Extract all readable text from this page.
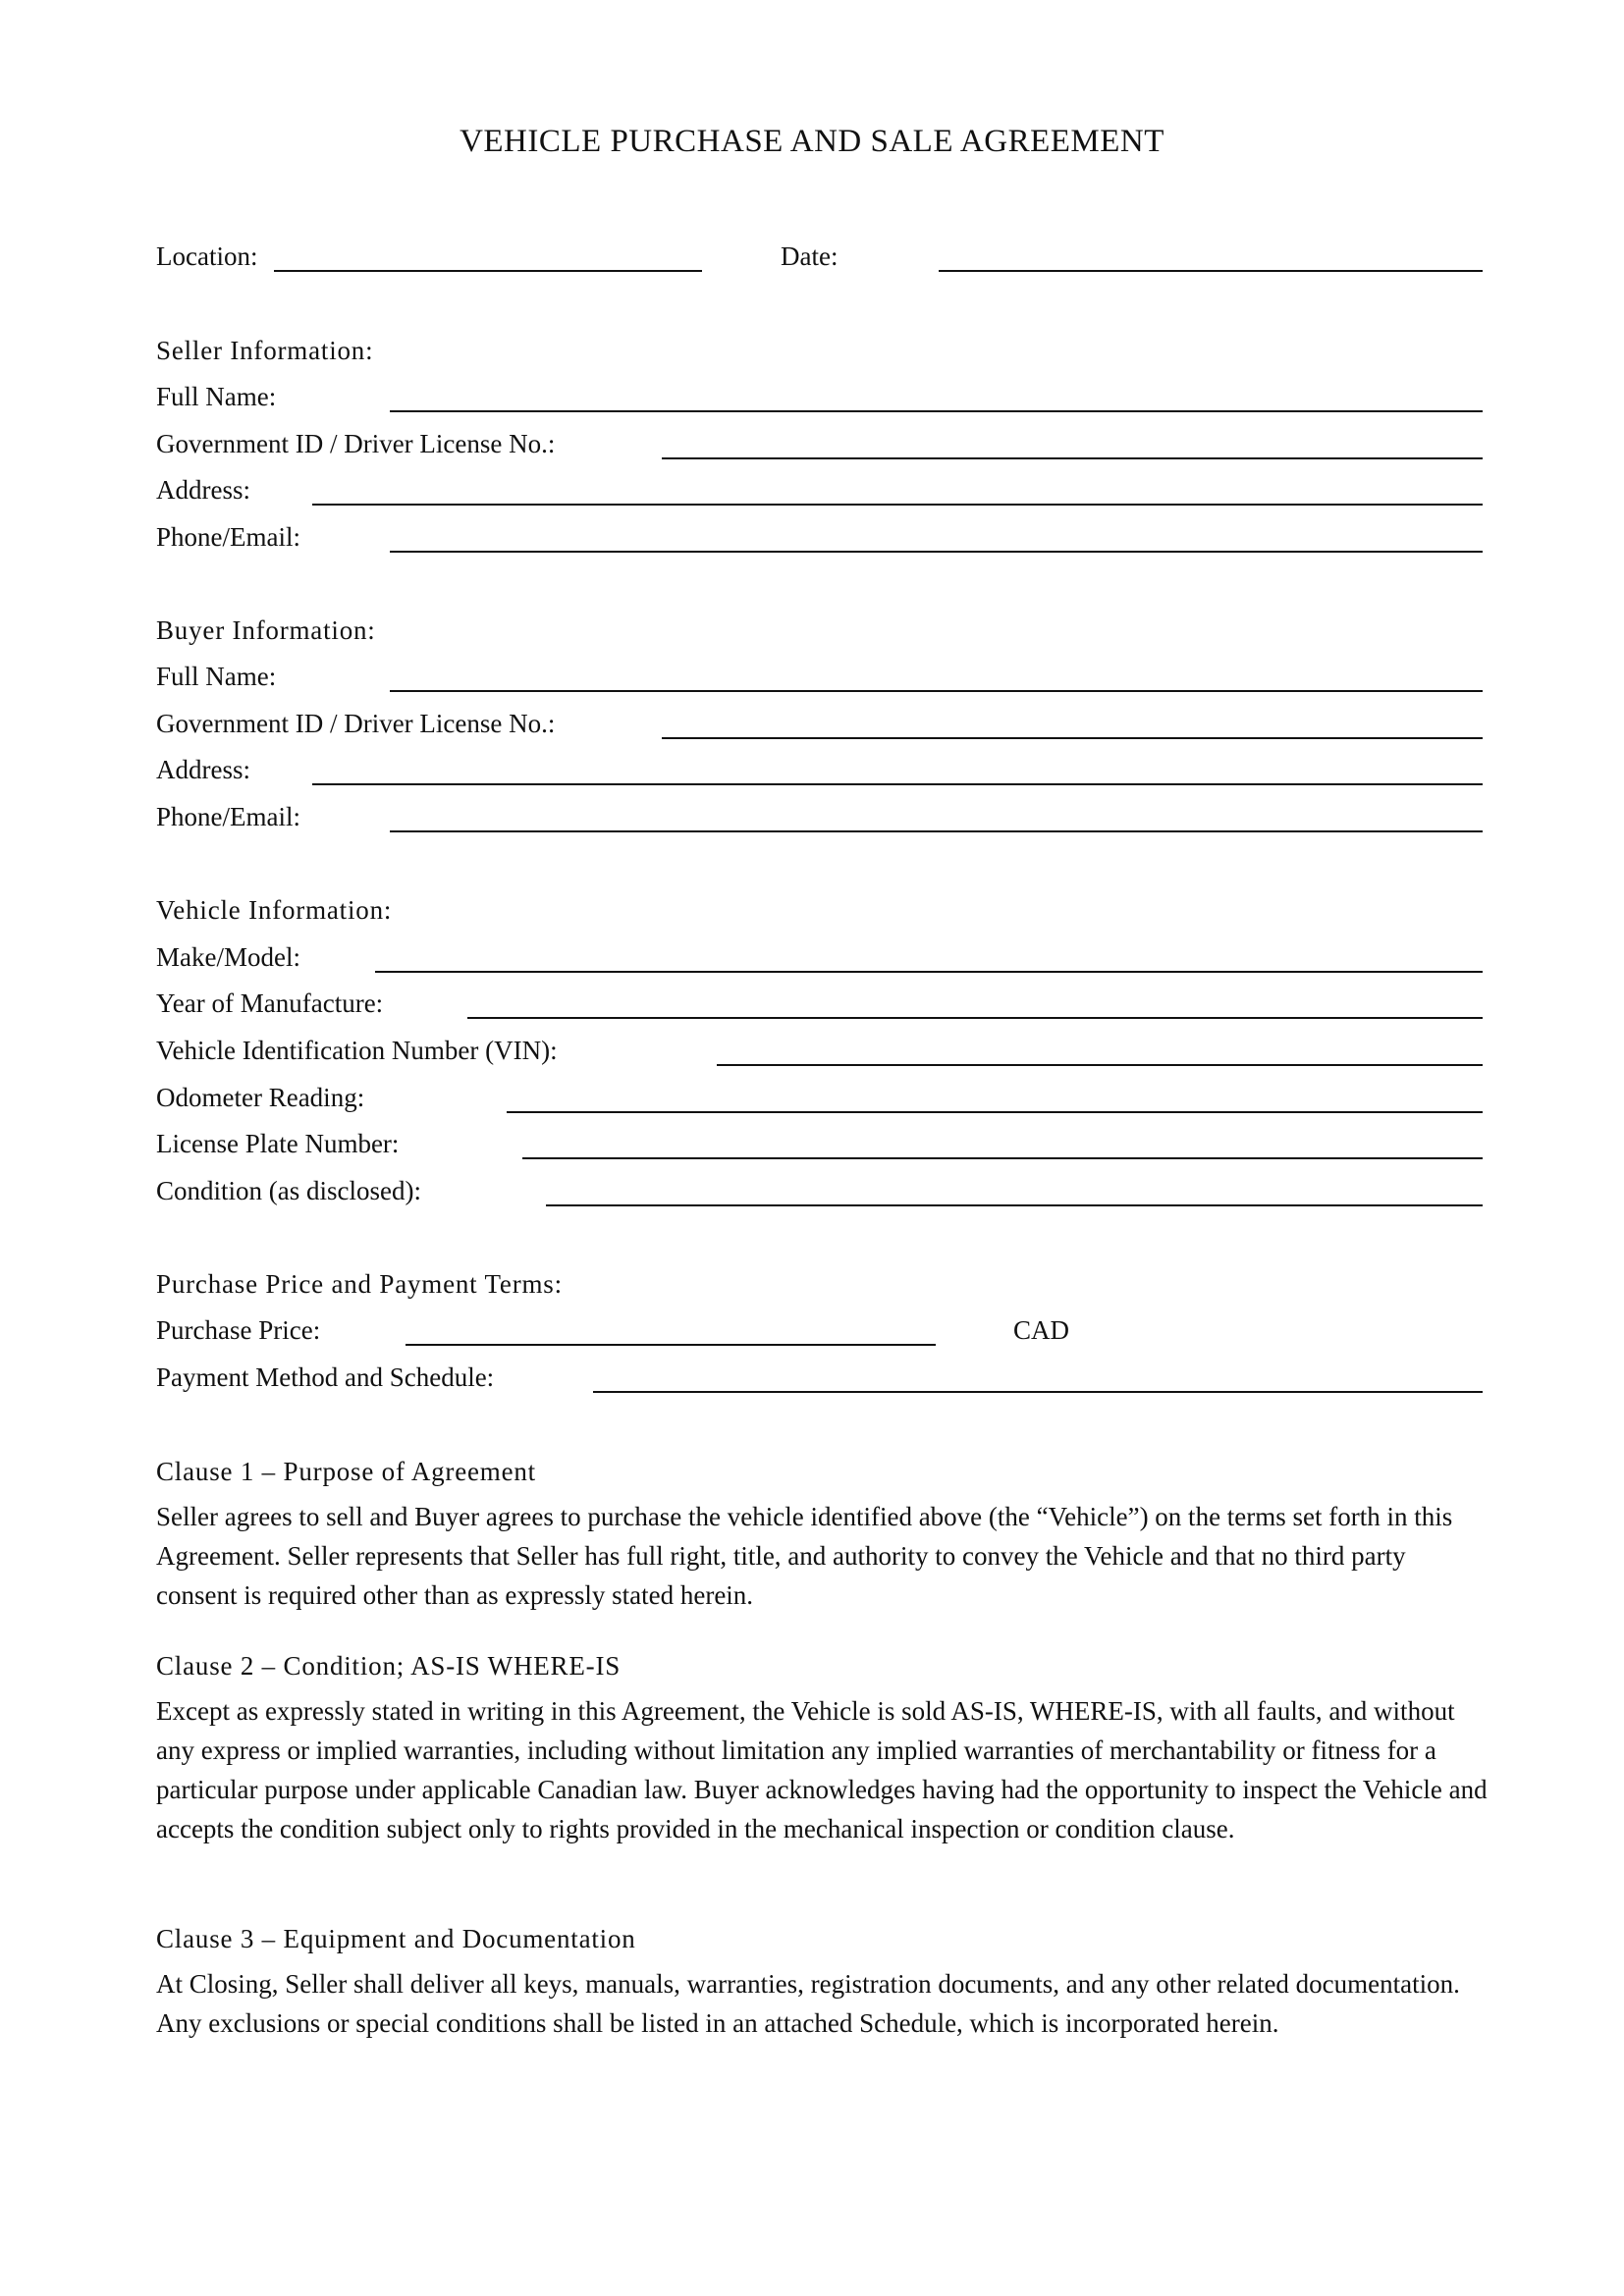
VEHICLE PURCHASE AND SALE AGREEMENT
Location:	Date:
Seller Information:
Full Name:
Government ID / Driver License No.:
Address:
Phone/Email:
Buyer Information:
Full Name:
Government ID / Driver License No.:
Address:
Phone/Email:
Vehicle Information:
Make/Model:
Year of Manufacture:
Vehicle Identification Number (VIN):
Odometer Reading:
License Plate Number:
Condition (as disclosed):
Purchase Price and Payment Terms:
Purchase Price:	CAD
Payment Method and Schedule:
Clause 1 – Purpose of Agreement

Seller agrees to sell and Buyer agrees to purchase the vehicle identified above (the “Vehicle”) on the terms set forth in this Agreement. Seller represents that Seller has full right, title, and authority to convey the Vehicle and that no third party consent is required other than as expressly stated herein.

Clause 2 – Condition; AS-IS WHERE-IS

Except as expressly stated in writing in this Agreement, the Vehicle is sold AS-IS, WHERE-IS, with all faults, and without any express or implied warranties, including without limitation any implied warranties of merchantability or fitness for a particular purpose under applicable Canadian law. Buyer acknowledges having had the opportunity to inspect the Vehicle and accepts the condition subject only to rights provided in the mechanical inspection or condition clause.

Clause 3 – Equipment and Documentation

At Closing, Seller shall deliver all keys, manuals, warranties, registration documents, and any other related documentation. Any exclusions or special conditions shall be listed in an attached Schedule, which is incorporated herein.
